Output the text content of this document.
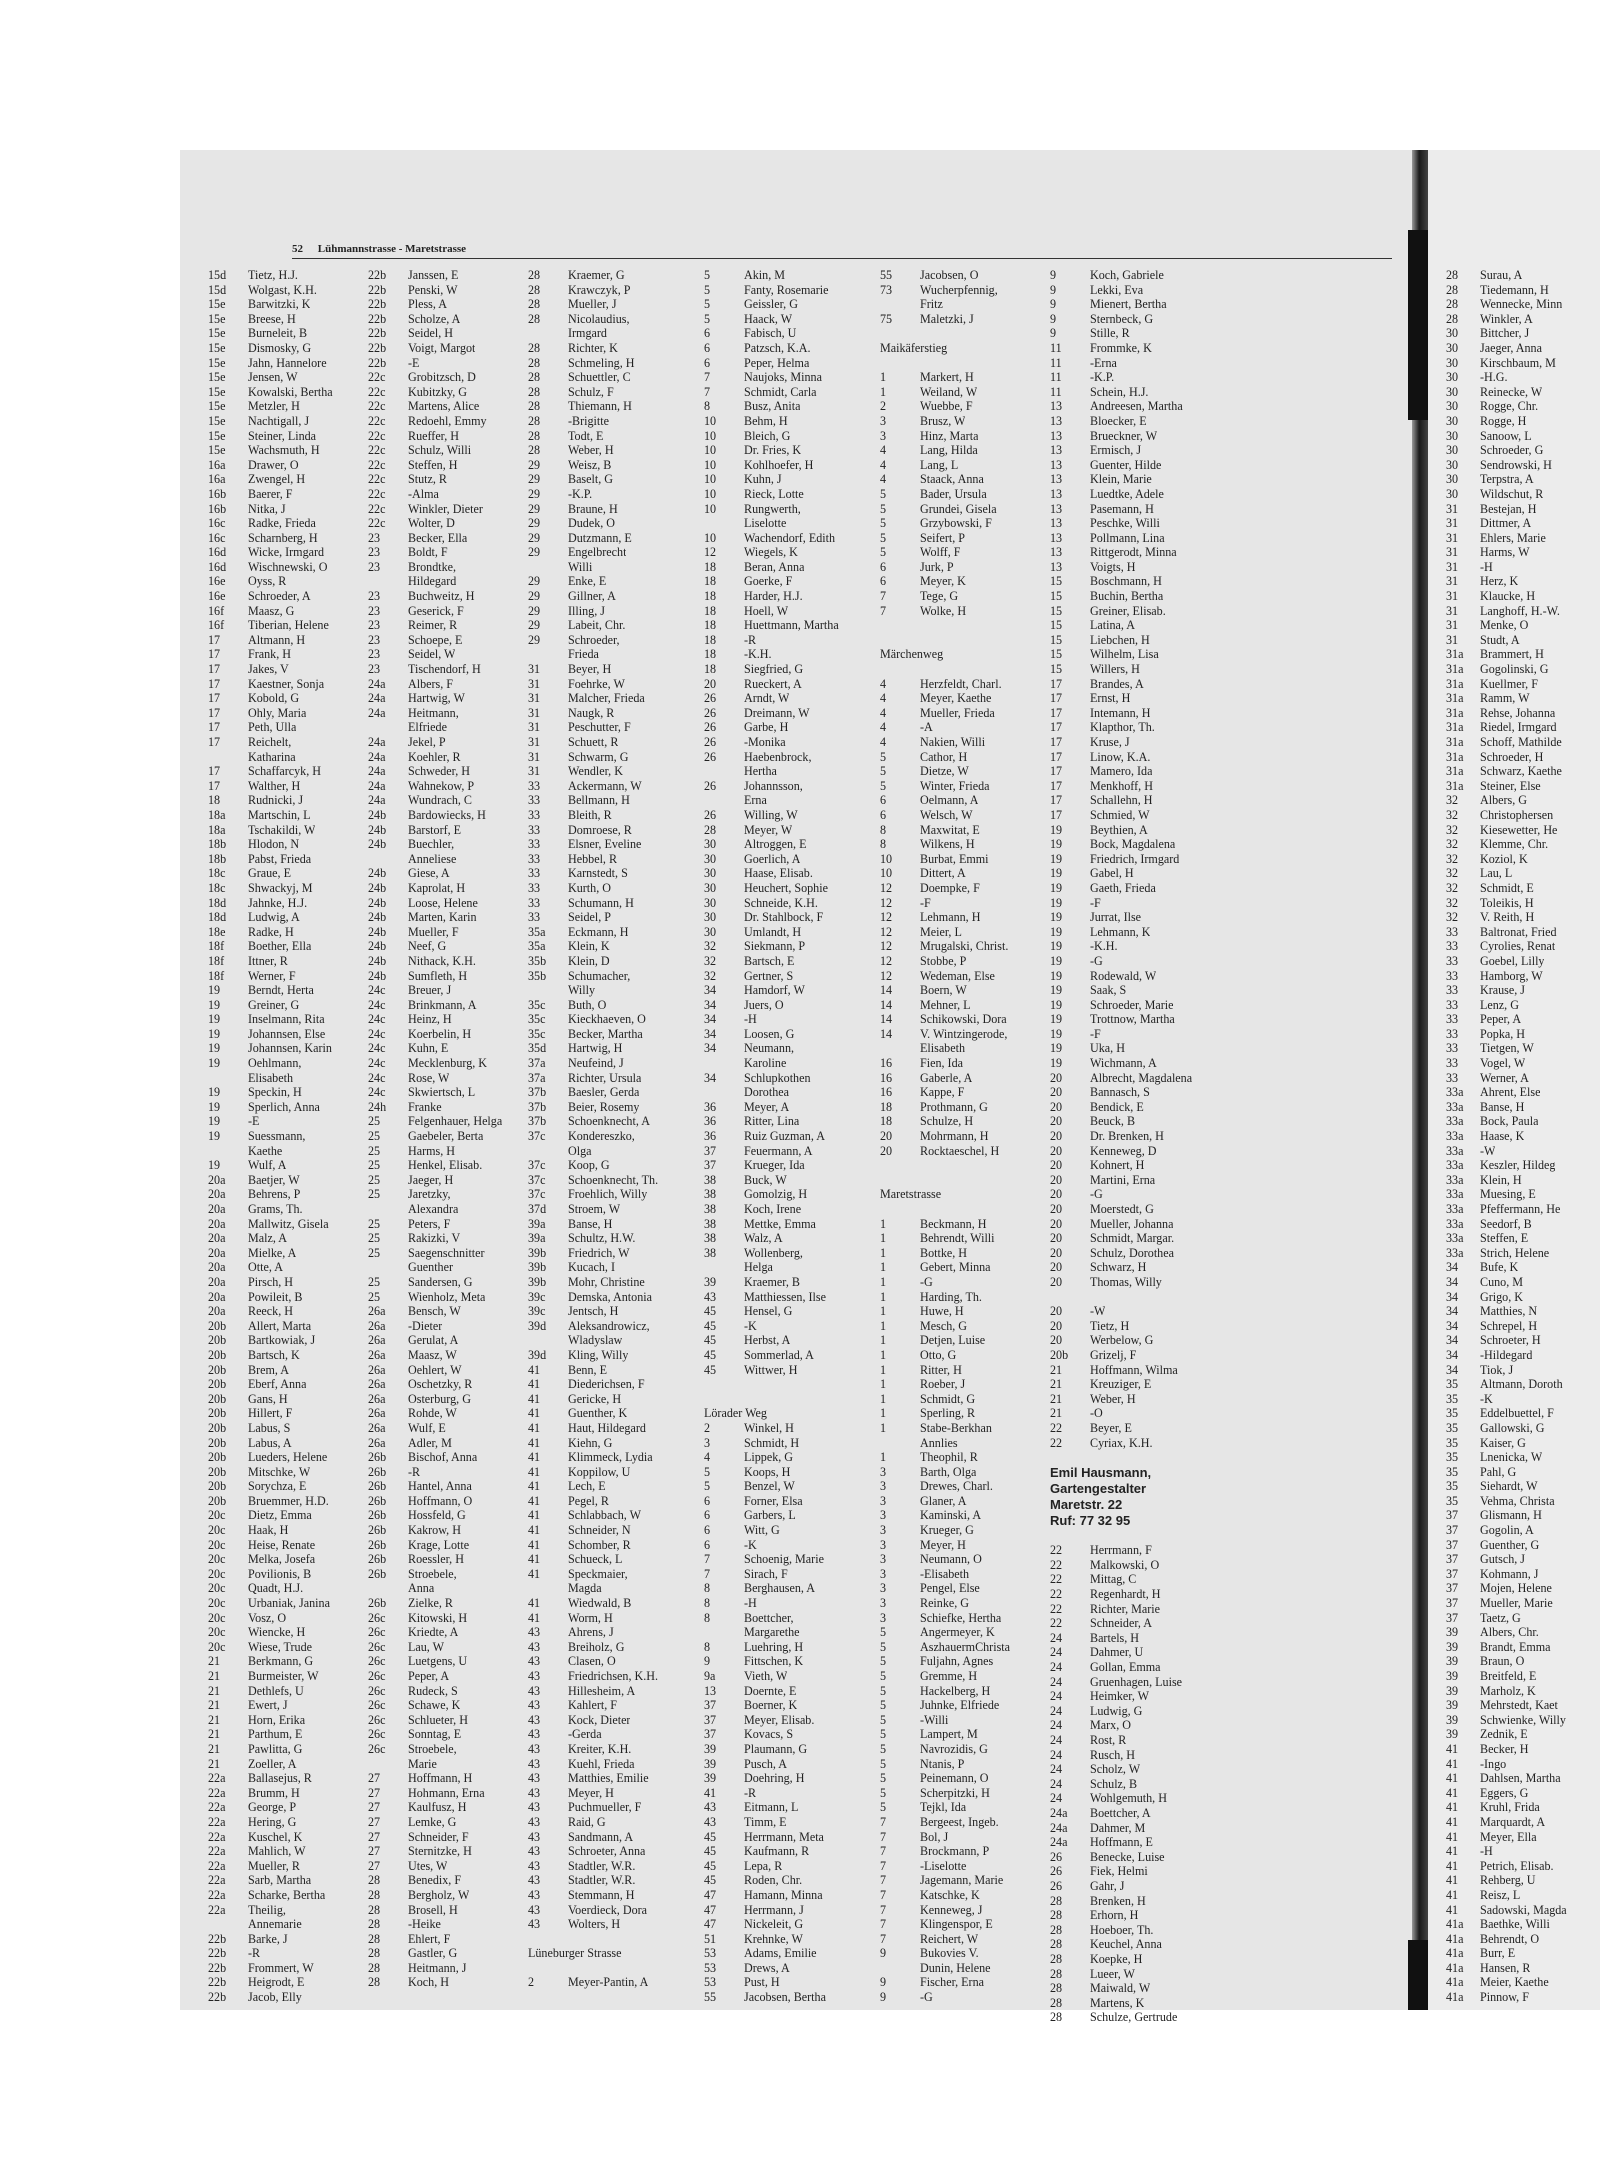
52 Lühmannstrasse - Maretstrasse
15d	Tietz, H.J.
15d	Wolgast, K.H.
15e	Barwitzki, K
15e	Breese, H
15e	Burneleit, B
15e	Dismosky, G
15e	Jahn, Hannelore
15e	Jensen, W
15e	Kowalski, Bertha
15e	Metzler, H
15e	Nachtigall, J
15e	Steiner, Linda
15e	Wachsmuth, H
16a	Drawer, O
16a	Zwengel, H
16b	Baerer, F
16b	Nitka, J
16c	Radke, Frieda
16c	Scharnberg, H
16d	Wicke, Irmgard
16d	Wischnewski, O
16e	Oyss, R
16e	Schroeder, A
16f	Maasz, G
16f	Tiberian, Helene
17	Altmann, H
17	Frank, H
17	Jakes, V
17	Kaestner, Sonja
17	Kobold, G
17	Ohly, Maria
17	Peth, Ulla
17	Reichelt,
Katharina
17	Schaffarcyk, H
17	Walther, H
18	Rudnicki, J
18a	Martschin, L
18a	Tschakildi, W
18b	Hlodon, N
18b	Pabst, Frieda
18c	Graue, E
18c	Shwackyj, M
18d	Jahnke, H.J.
18d	Ludwig, A
18e	Radke, H
18f	Boether, Ella
18f	Ittner, R
18f	Werner, F
19	Berndt, Herta
19	Greiner, G
19	Inselmann, Rita
19	Johannsen, Else
19	Johannsen, Karin
19	Oehlmann,
Elisabeth
19	Speckin, H
19	Sperlich, Anna
19	-E
19	Suessmann,
Kaethe
19	Wulf, A
20a	Baetjer, W
20a	Behrens, P
20a	Grams, Th.
20a	Mallwitz, Gisela
20a	Malz, A
20a	Mielke, A
20a	Otte, A
20a	Pirsch, H
20a	Powileit, B
20a	Reeck, H
20b	Allert, Marta
20b	Bartkowiak, J
20b	Bartsch, K
20b	Brem, A
20b	Eberf, Anna
20b	Gans, H
20b	Hillert, F
20b	Labus, S
20b	Labus, A
20b	Lueders, Helene
20b	Mitschke, W
20b	Sorychza, E
20b	Bruemmer, H.D.
20c	Dietz, Emma
20c	Haak, H
20c	Heise, Renate
20c	Melka, Josefa
20c	Povilionis, B
20c	Quadt, H.J.
20c	Urbaniak, Janina
20c	Vosz, O
20c	Wiencke, H
20c	Wiese, Trude
21	Berkmann, G
21	Burmeister, W
21	Dethlefs, U
21	Ewert, J
21	Horn, Erika
21	Parthum, E
21	Pawlitta, G
21	Zoeller, A
22a	Ballasejus, R
22a	Brumm, H
22a	George, P
22a	Hering, G
22a	Kuschel, K
22a	Mahlich, W
22a	Mueller, R
22a	Sarb, Martha
22a	Scharke, Bertha
22a	Theilig,
Annemarie
22b	Barke, J
22b	-R
22b	Frommert, W
22b	Heigrodt, E
22b	Jacob, Elly
22b	Janssen, E
22b	Penski, W
22b	Pless, A
22b	Scholze, A
22b	Seidel, H
22b	Voigt, Margot
22b	-E
22c	Grobitzsch, D
22c	Kubitzky, G
22c	Martens, Alice
22c	Redoehl, Emmy
22c	Rueffer, H
22c	Schulz, Willi
22c	Steffen, H
22c	Stutz, R
22c	-Alma
22c	Winkler, Dieter
22c	Wolter, D
23	Becker, Ella
23	Boldt, F
23	Brondtke,
Hildegard
23	Buchweitz, H
23	Geserick, F
23	Reimer, R
23	Schoepe, E
23	Seidel, W
23	Tischendorf, H
24a	Albers, F
24a	Hartwig, W
24a	Heitmann,
Elfriede
24a	Jekel, P
24a	Koehler, R
24a	Schweder, H
24a	Wahnekow, P
24a	Wundrach, C
24b	Bardowiecks, H
24b	Barstorf, E
24b	Buechler,
Anneliese
24b	Giese, A
24b	Kaprolat, H
24b	Loose, Helene
24b	Marten, Karin
24b	Mueller, F
24b	Neef, G
24b	Nithack, K.H.
24b	Sumfleth, H
24c	Breuer, J
24c	Brinkmann, A
24c	Heinz, H
24c	Koerbelin, H
24c	Kuhn, E
24c	Mecklenburg, K
24c	Rose, W
24c	Skwiertsch, L
24h	Franke
25	Felgenhauer, Helga
25	Gaebeler, Berta
25	Harms, H
25	Henkel, Elisab.
25	Jaeger, H
25	Jaretzky,
Alexandra
25	Peters, F
25	Rakizki, V
25	Saegenschnitter
Guenther
25	Sandersen, G
25	Wienholz, Meta
26a	Bensch, W
26a	-Dieter
26a	Gerulat, A
26a	Maasz, W
26a	Oehlert, W
26a	Oschetzky, R
26a	Osterburg, G
26a	Rohde, W
26a	Wulf, E
26a	Adler, M
26b	Bischof, Anna
26b	-R
26b	Hantel, Anna
26b	Hoffmann, O
26b	Hossfeld, G
26b	Kakrow, H
26b	Krage, Lotte
26b	Roessler, H
26b	Stroebele,
Anna
26b	Zielke, R
26c	Kitowski, H
26c	Kriedte, A
26c	Lau, W
26c	Luetgens, U
26c	Peper, A
26c	Rudeck, S
26c	Schawe, K
26c	Schlueter, H
26c	Sonntag, E
26c	Stroebele,
Marie
27	Hoffmann, H
27	Hohmann, Erna
27	Kaulfusz, H
27	Lemke, G
27	Schneider, F
27	Sternitzke, H
27	Utes, W
28	Benedix, F
28	Bergholz, W
28	Brosell, H
28	-Heike
28	Ehlert, F
28	Gastler, G
28	Heitmann, J
28	Koch, H
28	Kraemer, G
28	Krawczyk, P
28	Mueller, J
28	Nicolaudius,
Irmgard
28	Richter, K
28	Schmeling, H
28	Schuettler, C
28	Schulz, F
28	Thiemann, H
28	-Brigitte
28	Todt, E
28	Weber, H
29	Weisz, B
29	Baselt, G
29	-K.P.
29	Braune, H
29	Dudek, O
29	Dutzmann, E
29	Engelbrecht
Willi
29	Enke, E
29	Gillner, A
29	Illing, J
29	Labeit, Chr.
29	Schroeder,
Frieda
31	Beyer, H
31	Foehrke, W
31	Malcher, Frieda
31	Naugk, R
31	Peschutter, F
31	Schuett, R
31	Schwarm, G
31	Wendler, K
33	Ackermann, W
33	Bellmann, H
33	Bleith, R
33	Domroese, R
33	Elsner, Eveline
33	Hebbel, R
33	Karnstedt, S
33	Kurth, O
33	Schumann, H
33	Seidel, P
35a	Eckmann, H
35a	Klein, K
35b	Klein, D
35b	Schumacher,
Willy
35c	Buth, O
35c	Kieckhaeven, O
35c	Becker, Martha
35d	Hartwig, H
37a	Neufeind, J
37a	Richter, Ursula
37b	Baesler, Gerda
37b	Beier, Rosemy
37b	Schoenknecht, A
37c	Kondereszko,
Olga
37c	Koop, G
37c	Schoenknecht, Th.
37c	Froehlich, Willy
37d	Stroem, W
39a	Banse, H
39a	Schultz, H.W.
39b	Friedrich, W
39b	Kucach, I
39b	Mohr, Christine
39c	Demska, Antonia
39c	Jentsch, H
39d	Aleksandrowicz,
Wladyslaw
39d	Kling, Willy
41	Benn, E
41	Diederichsen, F
41	Gericke, H
41	Guenther, K
41	Haut, Hildegard
41	Kiehn, G
41	Klimmeck, Lydia
41	Koppilow, U
41	Lech, E
41	Pegel, R
41	Schlabbach, W
41	Schneider, N
41	Schomber, R
41	Schueck, L
41	Speckmaier,
Magda
41	Wiedwald, B
41	Worm, H
43	Ahrens, J
43	Breiholz, G
43	Clasen, O
43	Friedrichsen, K.H.
43	Hillesheim, A
43	Kahlert, F
43	Kock, Dieter
43	-Gerda
43	Kreiter, K.H.
43	Kuehl, Frieda
43	Matthies, Emilie
43	Meyer, H
43	Puchmueller, F
43	Raid, G
43	Sandmann, A
43	Schroeter, Anna
43	Stadtler, W.R.
43	Stadtler, W.R.
43	Stemmann, H
43	Voerdieck, Dora
43	Wolters, H
Lüneburger Strasse
2	Meyer-Pantin, A
5	Akin, M
5	Fanty, Rosemarie
5	Geissler, G
5	Haack, W
6	Fabisch, U
6	Patzsch, K.A.
6	Peper, Helma
7	Naujoks, Minna
7	Schmidt, Carla
8	Busz, Anita
10	Behm, H
10	Bleich, G
10	Dr. Fries, K
10	Kohlhoefer, H
10	Kuhn, J
10	Rieck, Lotte
10	Rungwerth,
Liselotte
10	Wachendorf, Edith
12	Wiegels, K
18	Beran, Anna
18	Goerke, F
18	Harder, H.J.
18	Hoell, W
18	Huettmann, Martha
18	-R
18	-K.H.
18	Siegfried, G
20	Rueckert, A
26	Arndt, W
26	Dreimann, W
26	Garbe, H
26	-Monika
26	Haebenbrock,
Hertha
26	Johannsson,
Erna
26	Willing, W
28	Meyer, W
30	Altroggen, E
30	Goerlich, A
30	Haase, Elisab.
30	Heuchert, Sophie
30	Schneide, K.H.
30	Dr. Stahlbock, F
30	Umlandt, H
32	Siekmann, P
32	Bartsch, E
32	Gertner, S
34	Hamdorf, W
34	Juers, O
34	-H
34	Loosen, G
34	Neumann,
Karoline
34	Schlupkothen
Dorothea
36	Meyer, A
36	Ritter, Lina
36	Ruiz Guzman, A
37	Feuermann, A
37	Krueger, Ida
38	Buck, W
38	Gomolzig, H
38	Koch, Irene
38	Mettke, Emma
38	Walz, A
38	Wollenberg,
Helga
39	Kraemer, B
43	Matthiessen, Ilse
45	Hensel, G
45	-K
45	Herbst, A
45	Sommerlad, A
45	Wittwer, H
Lörader Weg
2	Winkel, H
3	Schmidt, H
4	Lippek, G
5	Koops, H
5	Benzel, W
6	Forner, Elsa
6	Garbers, L
6	Witt, G
6	-K
7	Schoenig, Marie
7	Sirach, F
8	Berghausen, A
8	-H
8	Boettcher,
Margarethe
8	Luehring, H
9	Fittschen, K
9a	Vieth, W
13	Doernte, E
37	Boerner, K
37	Meyer, Elisab.
37	Kovacs, S
39	Plaumann, G
39	Pusch, A
39	Doehring, H
41	-R
43	Eitmann, L
43	Timm, E
45	Herrmann, Meta
45	Kaufmann, R
45	Lepa, R
45	Roden, Chr.
47	Hamann, Minna
47	Herrmann, J
47	Nickeleit, G
51	Krehnke, W
53	Adams, Emilie
53	Drews, A
53	Pust, H
55	Jacobsen, Bertha
55	Jacobsen, O
73	Wucherpfennig,
Fritz
75	Maletzki, J
Maikäferstieg
1	Markert, H
1	Weiland, W
2	Wuebbe, F
3	Brusz, W
3	Hinz, Marta
4	Lang, Hilda
4	Lang, L
4	Staack, Anna
5	Bader, Ursula
5	Grundei, Gisela
5	Grzybowski, F
5	Seifert, P
5	Wolff, F
6	Jurk, P
6	Meyer, K
7	Tege, G
7	Wolke, H
Märchenweg
4	Herzfeldt, Charl.
4	Meyer, Kaethe
4	Mueller, Frieda
4	-A
4	Nakien, Willi
5	Cathor, H
5	Dietze, W
5	Winter, Frieda
6	Oelmann, A
6	Welsch, W
8	Maxwitat, E
8	Wilkens, H
10	Burbat, Emmi
10	Dittert, A
12	Doempke, F
12	-F
12	Lehmann, H
12	Meier, L
12	Mrugalski, Christ.
12	Stobbe, P
12	Wedeman, Else
14	Boern, W
14	Mehner, L
14	Schikowski, Dora
14	V. Wintzingerode,
Elisabeth
16	Fien, Ida
16	Gaberle, A
16	Kappe, F
18	Prothmann, G
18	Schulze, H
20	Mohrmann, H
20	Rocktaeschel, H
Maretstrasse
1	Beckmann, H
1	Behrendt, Willi
1	Bottke, H
1	Gebert, Minna
1	-G
1	Harding, Th.
1	Huwe, H
1	Mesch, G
1	Detjen, Luise
1	Otto, G
1	Ritter, H
1	Roeber, J
1	Schmidt, G
1	Sperling, R
1	Stabe-Berkhan
Annlies
1	Theophil, R
3	Barth, Olga
3	Drewes, Charl.
3	Glaner, A
3	Kaminski, A
3	Krueger, G
3	Meyer, H
3	Neumann, O
3	-Elisabeth
3	Pengel, Else
3	Reinke, G
3	Schiefke, Hertha
5	Angermeyer, K
5	AszhauermChrista
5	Fuljahn, Agnes
5	Gremme, H
5	Hackelberg, H
5	Juhnke, Elfriede
5	-Willi
5	Lampert, M
5	Navrozidis, G
5	Ntanis, P
5	Peinemann, O
5	Scherpitzki, H
5	Tejkl, Ida
7	Bergeest, Ingeb.
7	Bol, J
7	Brockmann, P
7	-Liselotte
7	Jagemann, Marie
7	Katschke, K
7	Kenneweg, J
7	Klingenspor, E
7	Reichert, W
9	Bukovies V.
Dunin, Helene
9	Fischer, Erna
9	-G
9	Koch, Gabriele
9	Lekki, Eva
9	Mienert, Bertha
9	Sternbeck, G
9	Stille, R
11	Frommke, K
11	-Erna
11	-K.P.
11	Schein, H.J.
13	Andreesen, Martha
13	Bloecker, E
13	Brueckner, W
13	Ermisch, J
13	Guenter, Hilde
13	Klein, Marie
13	Luedtke, Adele
13	Pasemann, H
13	Peschke, Willi
13	Pollmann, Lina
13	Rittgerodt, Minna
13	Voigts, H
15	Boschmann, H
15	Buchin, Bertha
15	Greiner, Elisab.
15	Latina, A
15	Liebchen, H
15	Wilhelm, Lisa
15	Willers, H
17	Brandes, A
17	Ernst, H
17	Intemann, H
17	Klapthor, Th.
17	Kruse, J
17	Linow, K.A.
17	Mamero, Ida
17	Menkhoff, H
17	Schallehn, H
17	Schmied, W
19	Beythien, A
19	Bock, Magdalena
19	Friedrich, Irmgard
19	Gabel, H
19	Gaeth, Frieda
19	-F
19	Jurrat, Ilse
19	Lehmann, K
19	-K.H.
19	-G
19	Rodewald, W
19	Saak, S
19	Schroeder, Marie
19	Trottnow, Martha
19	-F
19	Uka, H
19	Wichmann, A
20	Albrecht, Magdalena
20	Bannasch, S
20	Bendick, E
20	Beuck, B
20	Dr. Brenken, H
20	Kenneweg, D
20	Kohnert, H
20	Martini, Erna
20	-G
20	Moerstedt, G
20	Mueller, Johanna
20	Schmidt, Margar.
20	Schulz, Dorothea
20	Schwarz, H
20	Thomas, Willy
20	-W
20	Tietz, H
20	Werbelow, G
20b	Grizelj, F
21	Hoffmann, Wilma
21	Kreuziger, E
21	Weber, H
21	-O
22	Beyer, E
22	Cyriax, K.H.
Emil Hausmann,
Gartengestalter
Maretstr. 22
Ruf: 77 32 95
22	Herrmann, F
22	Malkowski, O
22	Mittag, C
22	Regenhardt, H
22	Richter, Marie
22	Schneider, A
24	Bartels, H
24	Dahmer, U
24	Gollan, Emma
24	Gruenhagen, Luise
24	Heimker, W
24	Ludwig, G
24	Marx, O
24	Rost, R
24	Rusch, H
24	Scholz, W
24	Schulz, B
24	Wohlgemuth, H
24a	Boettcher, A
24a	Dahmer, M
24a	Hoffmann, E
26	Benecke, Luise
26	Fiek, Helmi
26	Gahr, J
28	Brenken, H
28	Erhorn, H
28	Hoeboer, Th.
28	Keuchel, Anna
28	Koepke, H
28	Lueer, W
28	Maiwald, W
28	Martens, K
28	Schulze, Gertrude
28	Surau, A
28	Tiedemann, H
28	Wennecke, Minn
28	Winkler, A
30	Bittcher, J
30	Jaeger, Anna
30	Kirschbaum, M
30	-H.G.
30	Reinecke, W
30	Rogge, Chr.
30	Rogge, H
30	Sanoow, L
30	Schroeder, G
30	Sendrowski, H
30	Terpstra, A
30	Wildschut, R
31	Bestejan, H
31	Dittmer, A
31	Ehlers, Marie
31	Harms, W
31	-H
31	Herz, K
31	Klaucke, H
31	Langhoff, H.-W.
31	Menke, O
31	Studt, A
31a	Brammert, H
31a	Gogolinski, G
31a	Kuellmer, F
31a	Ramm, W
31a	Rehse, Johanna
31a	Riedel, Irmgard
31a	Schoff, Mathilde
31a	Schroeder, H
31a	Schwarz, Kaethe
31a	Steiner, Else
32	Albers, G
32	Christophersen
32	Kiesewetter, He
32	Klemme, Chr.
32	Koziol, K
32	Lau, L
32	Schmidt, E
32	Toleikis, H
32	V. Reith, H
33	Baltronat, Fried
33	Cyrolies, Renat
33	Goebel, Lilly
33	Hamborg, W
33	Krause, J
33	Lenz, G
33	Peper, A
33	Popka, H
33	Tietgen, W
33	Vogel, W
33	Werner, A
33a	Ahrent, Else
33a	Banse, H
33a	Bock, Paula
33a	Haase, K
33a	-W
33a	Keszler, Hildeg
33a	Klein, H
33a	Muesing, E
33a	Pfeffermann, He
33a	Seedorf, B
33a	Steffen, E
33a	Strich, Helene
34	Bufe, K
34	Cuno, M
34	Grigo, K
34	Matthies, N
34	Schrepel, H
34	Schroeter, H
34	-Hildegard
34	Tiok, J
35	Altmann, Doroth
35	-K
35	Eddelbuettel, F
35	Gallowski, G
35	Kaiser, G
35	Lnenicka, W
35	Pahl, G
35	Siehardt, W
35	Vehma, Christa
37	Glismann, H
37	Gogolin, A
37	Guenther, G
37	Gutsch, J
37	Kohmann, J
37	Mojen, Helene
37	Mueller, Marie
37	Taetz, G
39	Albers, Chr.
39	Brandt, Emma
39	Braun, O
39	Breitfeld, E
39	Marholz, K
39	Mehrstedt, Kaet
39	Schwienke, Willy
39	Zednik, E
41	Becker, H
41	-Ingo
41	Dahlsen, Martha
41	Eggers, G
41	Kruhl, Frida
41	Marquardt, A
41	Meyer, Ella
41	-H
41	Petrich, Elisab.
41	Rehberg, U
41	Reisz, L
41	Sadowski, Magda
41a	Baethke, Willi
41a	Behrendt, O
41a	Burr, E
41a	Hansen, R
41a	Meier, Kaethe
41a	Pinnow, F
